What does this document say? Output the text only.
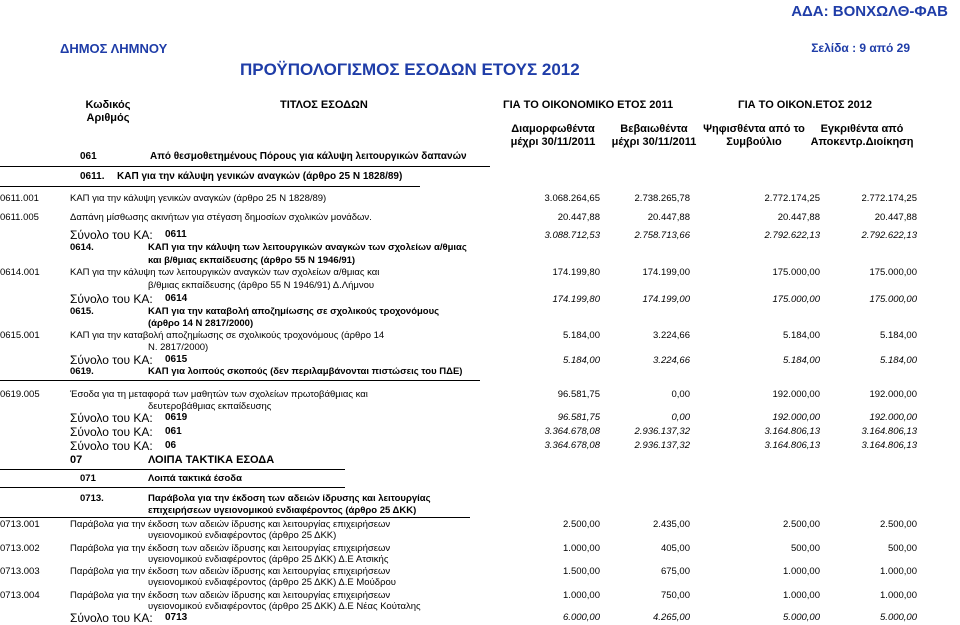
ΑΔΑ: ΒΟΝΧΩΛΘ-ΦΑΒ
ΔΗΜΟΣ ΛΗΜΝΟΥ	Σελίδα : 9 από 29
ΠΡΟΫΠΟΛΟΓΙΣΜΟΣ ΕΣΟΔΩΝ ΕΤΟΥΣ 2012
Κωδικός
Αριθμός
ΤΙΤΛΟΣ ΕΣΟΔΩΝ	ΓΙΑ ΤΟ ΟΙΚΟΝΟΜΙΚΟ ΕΤΟΣ 2011	ΓΙΑ ΤΟ ΟΙΚΟΝ.ΕΤΟΣ 2012
Διαμορφωθέντα
μέχρι 30/11/2011
Βεβαιωθέντα
μέχρι 30/11/2011
Ψηφισθέντα από το
Συμβούλιο
Εγκριθέντα από
Αποκεντρ.Διοίκηση
061	Από θεσμοθετημένους Πόρους για κάλυψη λειτουργικών δαπανών
0611. ΚΑΠ για την κάλυψη γενικών αναγκών (άρθρο 25 Ν 1828/89)
0611.001	ΚΑΠ για την κάλυψη γενικών αναγκών (άρθρο 25 Ν 1828/89)	3.068.264,65	2.738.265,78	2.772.174,25	2.772.174,25
0611.005	Δαπάνη μίσθωσης ακινήτων για στέγαση δημοσίων σχολικών μονάδων.	20.447,88	20.447,88	20.447,88	20.447,88
Σύνολο του ΚΑ: 0611	3.088.712,53	2.758.713,66	2.792.622,13	2.792.622,13
0614.	ΚΑΠ για την κάλυψη των λειτουργικών αναγκών των σχολείων α/θμιας
και β/θμιας εκπαίδευσης (άρθρο 55 Ν 1946/91)
0614.001	ΚΑΠ για την κάλυψη των λειτουργικών αναγκών των σχολείων α/θμιας και
β/θμιας εκπαίδευσης (άρθρο 55 Ν 1946/91) Δ.Λήμνου
174.199,80	174.199,00	175.000,00	175.000,00
Σύνολο του ΚΑ: 0614	174.199,80	174.199,00	175.000,00	175.000,00
0615.	ΚΑΠ για την καταβολή αποζημίωσης σε σχολικούς τροχονόμους
(άρθρο 14 Ν 2817/2000)
0615.001	ΚΑΠ για την καταβολή αποζημίωσης σε σχολικούς τροχονόμους (άρθρο 14
Ν. 2817/2000)
5.184,00	3.224,66	5.184,00	5.184,00
Σύνολο του ΚΑ: 0615	5.184,00	3.224,66	5.184,00	5.184,00
0619.	ΚΑΠ για λοιπούς σκοπούς (δεν περιλαμβάνονται πιστώσεις του ΠΔΕ)
0619.005	Έσοδα για τη μεταφορά των μαθητών των σχολείων πρωτοβάθμιας και
δευτεροβάθμιας εκπαίδευσης
96.581,75	0,00	192.000,00	192.000,00
Σύνολο του ΚΑ: 0619	96.581,75	0,00	192.000,00	192.000,00
Σύνολο του ΚΑ: 061	3.364.678,08	2.936.137,32	3.164.806,13	3.164.806,13
Σύνολο του ΚΑ: 06	3.364.678,08	2.936.137,32	3.164.806,13	3.164.806,13
07	ΛΟΙΠΑ ΤΑΚΤΙΚΑ ΕΣΟΔΑ
071	Λοιπά τακτικά έσοδα
0713.	Παράβολα για την έκδοση των αδειών ίδρυσης και λειτουργίας
επιχειρήσεων υγειονομικού ενδιαφέροντος (άρθρο 25 ΔΚΚ)
0713.001	Παράβολα για την έκδοση των αδειών ίδρυσης και λειτουργίας επιχειρήσεων
υγειονομικού ενδιαφέροντος (άρθρο 25 ΔΚΚ)
2.500,00	2.435,00	2.500,00	2.500,00
0713.002	Παράβολα για την έκδοση των αδειών ίδρυσης και λειτουργίας επιχειρήσεων
υγειονομικού ενδιαφέροντος (άρθρο 25 ΔΚΚ) Δ.Ε Ατσικής
1.000,00	405,00	500,00	500,00
0713.003	Παράβολα για την έκδοση των αδειών ίδρυσης και λειτουργίας επιχειρήσεων
υγειονομικού ενδιαφέροντος (άρθρο 25 ΔΚΚ) Δ.Ε Μούδρου
1.500,00	675,00	1.000,00	1.000,00
0713.004	Παράβολα για την έκδοση των αδειών ίδρυσης και λειτουργίας επιχειρήσεων
υγειονομικού ενδιαφέροντος (άρθρο 25 ΔΚΚ) Δ.Ε Νέας Κούταλης
1.000,00	750,00	1.000,00	1.000,00
Σύνολο του ΚΑ: 0713	6.000,00	4.265,00	5.000,00	5.000,00
